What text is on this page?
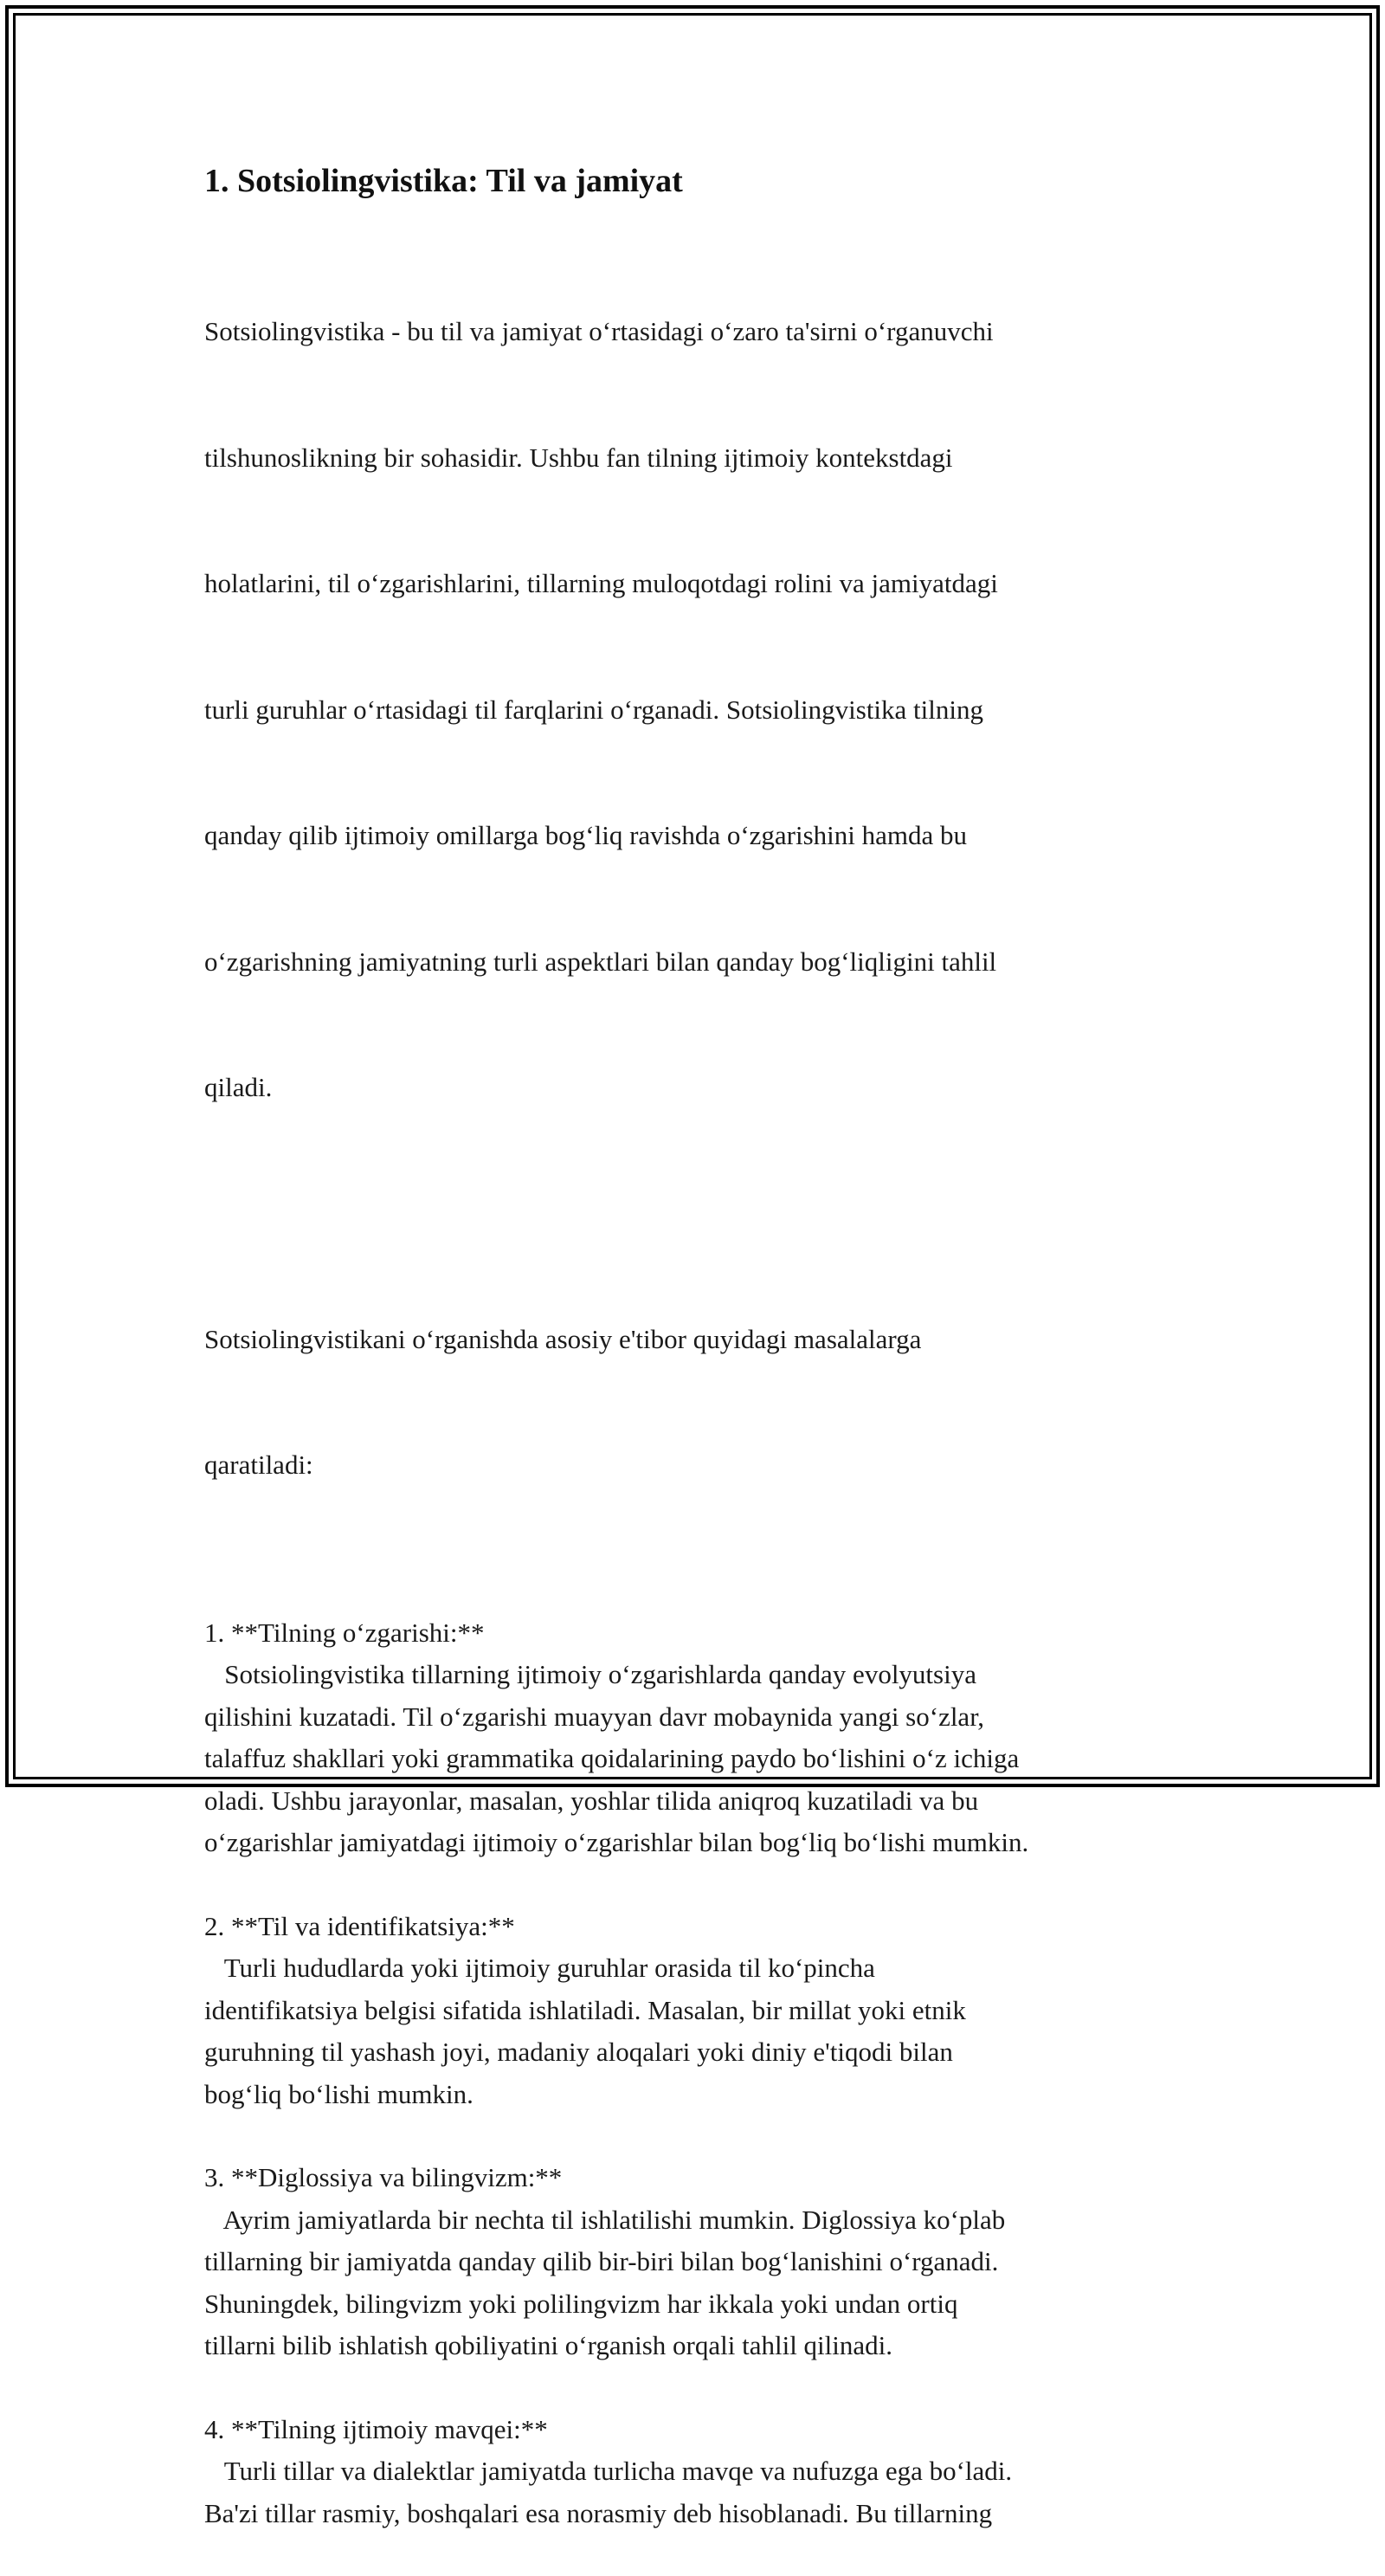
1. Sotsiolingvistika: Til va jamiyat

Sotsiolingvistika - bu til va jamiyat o‘rtasidagi o‘zaro ta'sirni o‘rganuvchi

tilshunoslikning bir sohasidir. Ushbu fan tilning ijtimoiy kontekstdagi

holatlarini, til o‘zgarishlarini, tillarning muloqotdagi rolini va jamiyatdagi

turli guruhlar o‘rtasidagi til farqlarini o‘rganadi. Sotsiolingvistika tilning

qanday qilib ijtimoiy omillarga bog‘liq ravishda o‘zgarishini hamda bu

o‘zgarishning jamiyatning turli aspektlari bilan qanday bog‘liqligini tahlil

qiladi.

Sotsiolingvistikani o‘rganishda asosiy e'tibor quyidagi masalalarga

qaratiladi:

1. **Tilning o‘zgarishi:**
Sotsiolingvistika tillarning ijtimoiy o‘zgarishlarda qanday evolyutsiya
qilishini kuzatadi. Til o‘zgarishi muayyan davr mobaynida yangi so‘zlar,
talaffuz shakllari yoki grammatika qoidalarining paydo bo‘lishini o‘z ichiga
oladi. Ushbu jarayonlar, masalan, yoshlar tilida aniqroq kuzatiladi va bu
o‘zgarishlar jamiyatdagi ijtimoiy o‘zgarishlar bilan bog‘liq bo‘lishi mumkin.
2. **Til va identifikatsiya:**
Turli hududlarda yoki ijtimoiy guruhlar orasida til ko‘pincha
identifikatsiya belgisi sifatida ishlatiladi. Masalan, bir millat yoki etnik
guruhning til yashash joyi, madaniy aloqalari yoki diniy e'tiqodi bilan
bog‘liq bo‘lishi mumkin.
3. **Diglossiya va bilingvizm:**
Ayrim jamiyatlarda bir nechta til ishlatilishi mumkin. Diglossiya ko‘plab
tillarning bir jamiyatda qanday qilib bir-biri bilan bog‘lanishini o‘rganadi.
Shuningdek, bilingvizm yoki polilingvizm har ikkala yoki undan ortiq
tillarni bilib ishlatish qobiliyatini o‘rganish orqali tahlil qilinadi.
4. **Tilning ijtimoiy mavqei:**
Turli tillar va dialektlar jamiyatda turlicha mavqe va nufuzga ega bo‘ladi.
Ba'zi tillar rasmiy, boshqalari esa norasmiy deb hisoblanadi. Bu tillarning
